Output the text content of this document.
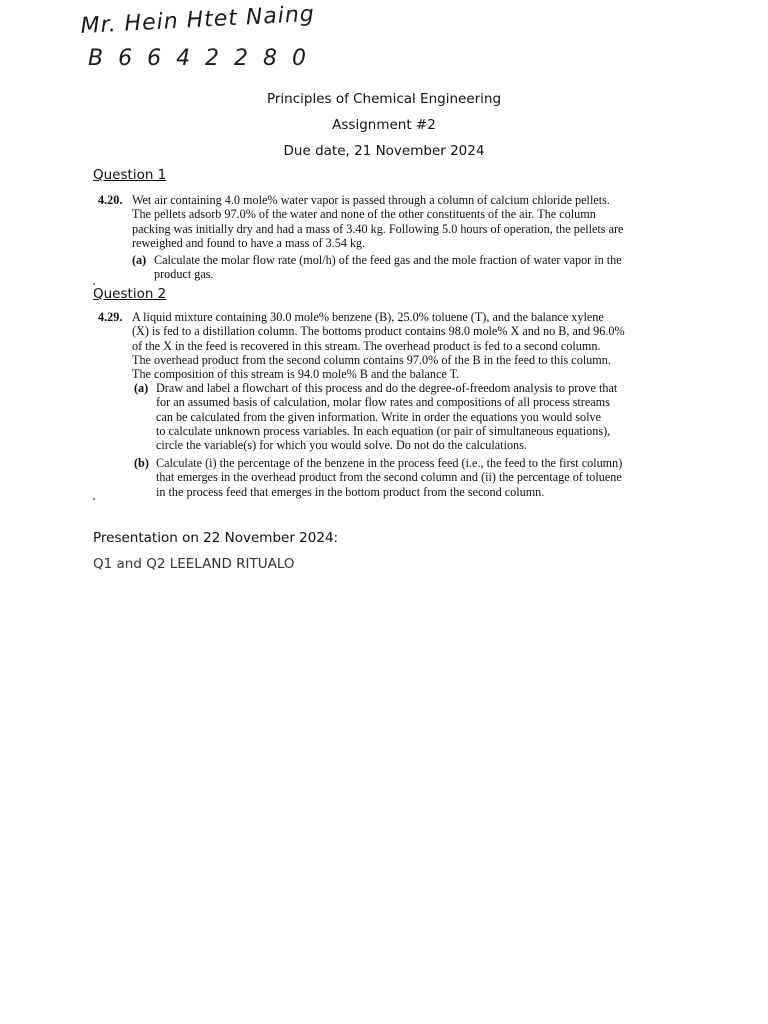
Mr. Hein Htet Naing
B 6 6 4 2 2 8 0
Principles of Chemical Engineering
Assignment #2
Due date, 21 November 2024
Question 1
4.20. Wet air containing 4.0 mole% water vapor is passed through a column of calcium chloride pellets.
The pellets adsorb 97.0% of the water and none of the other constituents of the air. The column
packing was initially dry and had a mass of 3.40 kg. Following 5.0 hours of operation, the pellets are
reweighed and found to have a mass of 3.54 kg.
(a) Calculate the molar flow rate (mol/h) of the feed gas and the mole fraction of water vapor in the
product gas.
Question 2
4.29. A liquid mixture containing 30.0 mole% benzene (B), 25.0% toluene (T), and the balance xylene
(X) is fed to a distillation column. The bottoms product contains 98.0 mole% X and no B, and 96.0%
of the X in the feed is recovered in this stream. The overhead product is fed to a second column.
The overhead product from the second column contains 97.0% of the B in the feed to this column.
The composition of this stream is 94.0 mole% B and the balance T.
(a) Draw and label a flowchart of this process and do the degree-of-freedom analysis to prove that
for an assumed basis of calculation, molar flow rates and compositions of all process streams
can be calculated from the given information. Write in order the equations you would solve
to calculate unknown process variables. In each equation (or pair of simultaneous equations),
circle the variable(s) for which you would solve. Do not do the calculations.
(b) Calculate (i) the percentage of the benzene in the process feed (i.e., the feed to the first column)
that emerges in the overhead product from the second column and (ii) the percentage of toluene
in the process feed that emerges in the bottom product from the second column.
Presentation on 22 November 2024:
Q1 and Q2 LEELAND RITUALO
